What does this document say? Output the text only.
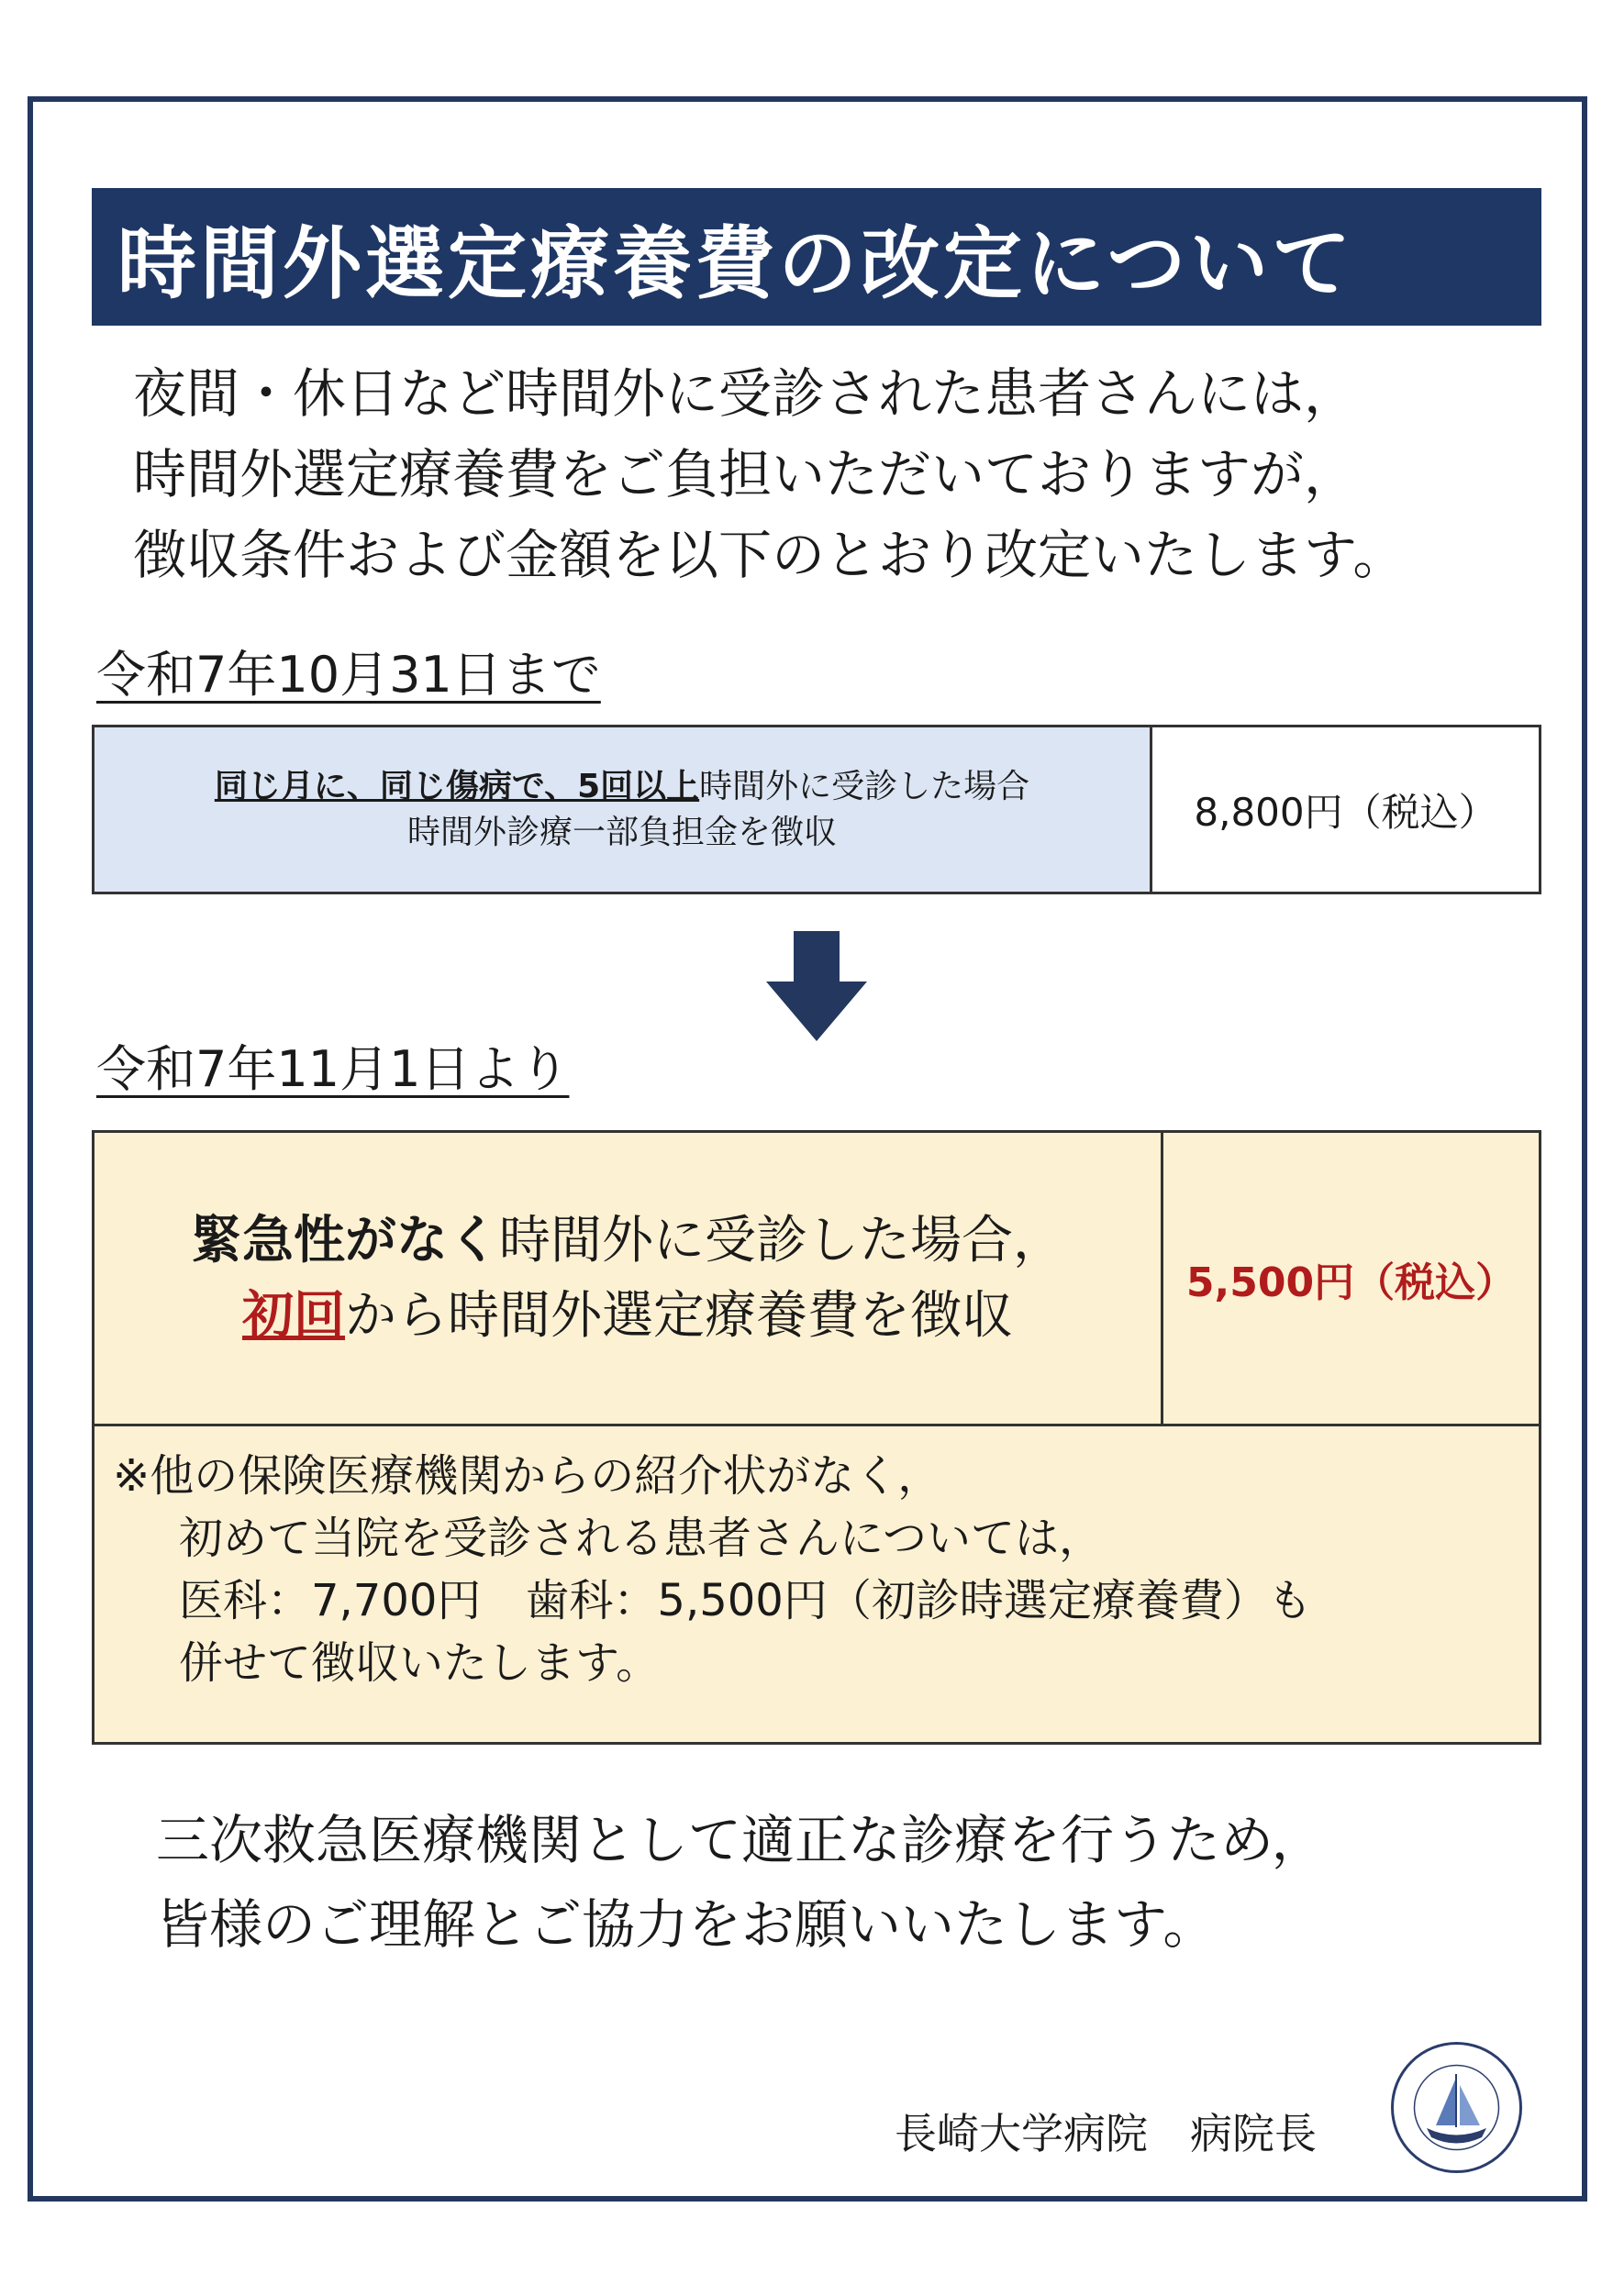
時間外選定療養費の改定について
夜間・休日など時間外に受診された患者さんには，
時間外選定療養費をご負担いただいておりますが，
徴収条件および金額を以下のとおり改定いたします。
令和7年10月31日まで
同じ月に、同じ傷病で、5回以上時間外に受診した場合
時間外診療一部負担金を徴収	8,800円（税込）
令和7年11月1日より
緊急性がなく時間外に受診した場合，
初回から時間外選定療養費を徴収
5,500円（税込）
※他の保険医療機関からの紹介状がなく，
初めて当院を受診される患者さんについては，
医科：7,700円　歯科：5,500円（初診時選定療養費）も
併せて徴収いたします。
三次救急医療機関として適正な診療を行うため，
皆様のご理解とご協力をお願いいたします。
長崎大学病院　病院長
